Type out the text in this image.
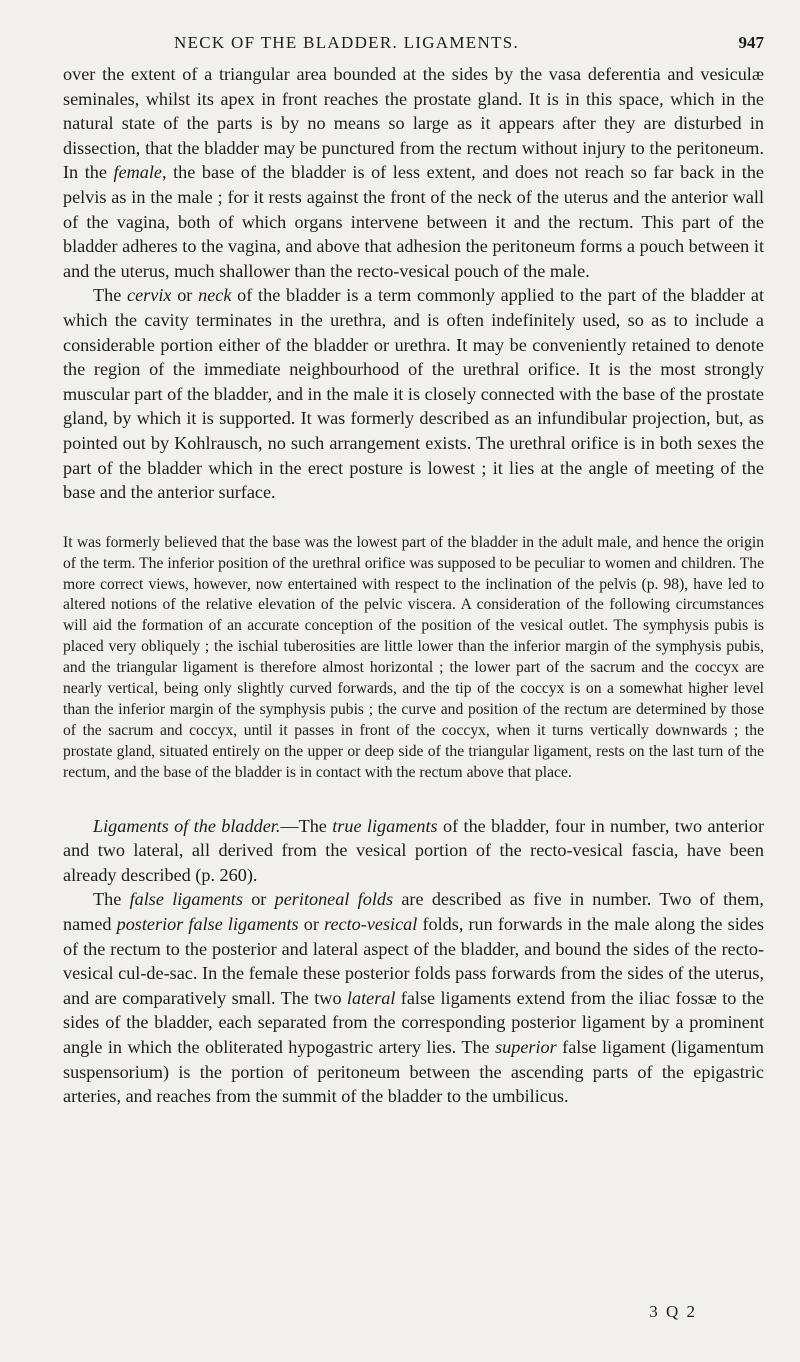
NECK OF THE BLADDER. LIGAMENTS.	947

over the extent of a triangular area bounded at the sides by the vasa deferentia and vesiculæ seminales, whilst its apex in front reaches the prostate gland. It is in this space, which in the natural state of the parts is by no means so large as it appears after they are disturbed in dissection, that the bladder may be punctured from the rectum without injury to the peritoneum. In the female, the base of the bladder is of less extent, and does not reach so far back in the pelvis as in the male ; for it rests against the front of the neck of the uterus and the anterior wall of the vagina, both of which organs intervene between it and the rectum. This part of the bladder adheres to the vagina, and above that adhesion the peritoneum forms a pouch between it and the uterus, much shallower than the recto-vesical pouch of the male.

The cervix or neck of the bladder is a term commonly applied to the part of the bladder at which the cavity terminates in the urethra, and is often indefinitely used, so as to include a considerable portion either of the bladder or urethra. It may be conveniently retained to denote the region of the immediate neighbourhood of the urethral orifice. It is the most strongly muscular part of the bladder, and in the male it is closely connected with the base of the prostate gland, by which it is supported. It was formerly described as an infundibular projection, but, as pointed out by Kohlrausch, no such arrangement exists. The urethral orifice is in both sexes the part of the bladder which in the erect posture is lowest ; it lies at the angle of meeting of the base and the anterior surface.

It was formerly believed that the base was the lowest part of the bladder in the adult male, and hence the origin of the term. The inferior position of the urethral orifice was supposed to be peculiar to women and children. The more correct views, however, now entertained with respect to the inclination of the pelvis (p. 98), have led to altered notions of the relative elevation of the pelvic viscera. A consideration of the following circumstances will aid the formation of an accurate conception of the position of the vesical outlet. The symphysis pubis is placed very obliquely ; the ischial tuberosities are little lower than the inferior margin of the symphysis pubis, and the triangular ligament is therefore almost horizontal ; the lower part of the sacrum and the coccyx are nearly vertical, being only slightly curved forwards, and the tip of the coccyx is on a somewhat higher level than the inferior margin of the symphysis pubis ; the curve and position of the rectum are determined by those of the sacrum and coccyx, until it passes in front of the coccyx, when it turns vertically downwards ; the prostate gland, situated entirely on the upper or deep side of the triangular ligament, rests on the last turn of the rectum, and the base of the bladder is in contact with the rectum above that place.

Ligaments of the bladder.—The true ligaments of the bladder, four in number, two anterior and two lateral, all derived from the vesical portion of the recto-vesical fascia, have been already described (p. 260).

The false ligaments or peritoneal folds are described as five in number. Two of them, named posterior false ligaments or recto-vesical folds, run forwards in the male along the sides of the rectum to the posterior and lateral aspect of the bladder, and bound the sides of the recto-vesical cul-de-sac. In the female these posterior folds pass forwards from the sides of the uterus, and are comparatively small. The two lateral false ligaments extend from the iliac fossæ to the sides of the bladder, each separated from the corresponding posterior ligament by a prominent angle in which the obliterated hypogastric artery lies. The superior false ligament (ligamentum suspensorium) is the portion of peritoneum between the ascending parts of the epigastric arteries, and reaches from the summit of the bladder to the umbilicus.

3 Q 2
